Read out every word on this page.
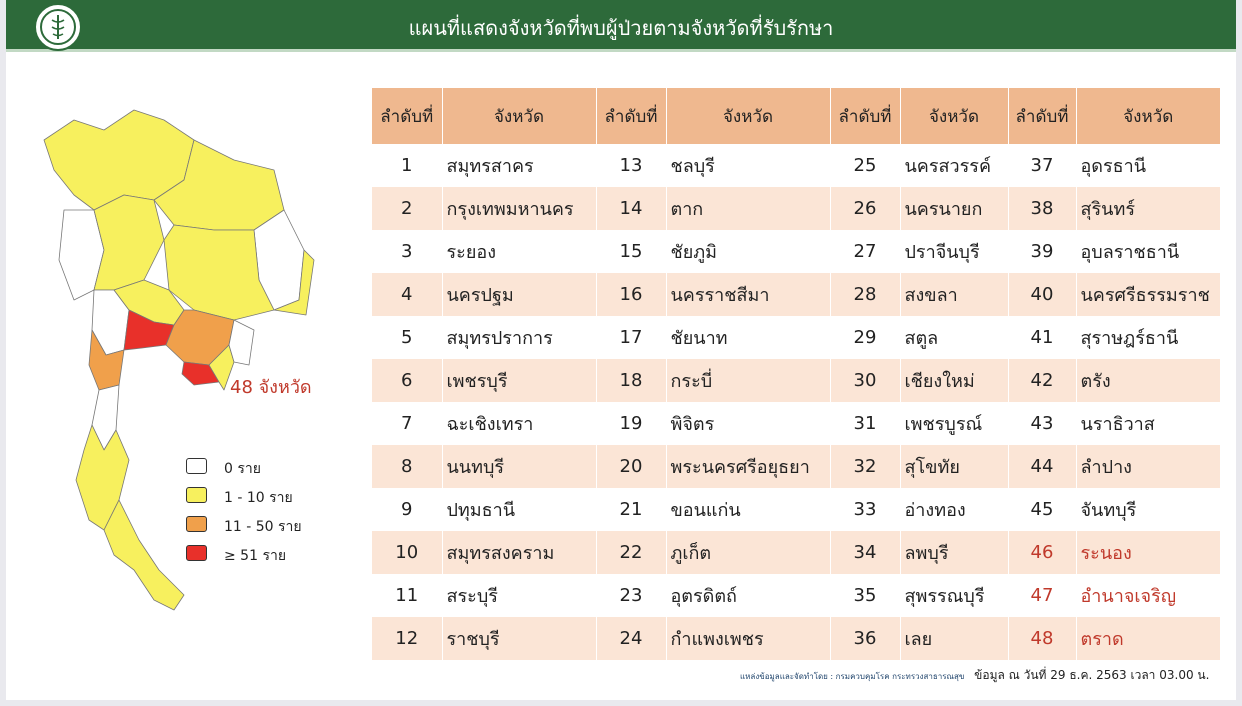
แผนที่แสดงจังหวัดที่พบผู้ป่วยตามจังหวัดที่รับรักษา
48 จังหวัด
0 ราย
1 - 10 ราย
11 - 50 ราย
≥ 51 ราย
ลำดับที่	จังหวัด	ลำดับที่	จังหวัด	ลำดับที่	จังหวัด	ลำดับที่	จังหวัด
1	สมุทรสาคร	13	ชลบุรี	25	นครสวรรค์	37	อุดรธานี
2	กรุงเทพมหานคร	14	ตาก	26	นครนายก	38	สุรินทร์
3	ระยอง	15	ชัยภูมิ	27	ปราจีนบุรี	39	อุบลราชธานี
4	นครปฐม	16	นครราชสีมา	28	สงขลา	40	นครศรีธรรมราช
5	สมุทรปราการ	17	ชัยนาท	29	สตูล	41	สุราษฎร์ธานี
6	เพชรบุรี	18	กระบี่	30	เชียงใหม่	42	ตรัง
7	ฉะเชิงเทรา	19	พิจิตร	31	เพชรบูรณ์	43	นราธิวาส
8	นนทบุรี	20	พระนครศรีอยุธยา	32	สุโขทัย	44	ลำปาง
9	ปทุมธานี	21	ขอนแก่น	33	อ่างทอง	45	จันทบุรี
10	สมุทรสงคราม	22	ภูเก็ต	34	ลพบุรี	46	ระนอง
11	สระบุรี	23	อุตรดิตถ์	35	สุพรรณบุรี	47	อำนาจเจริญ
12	ราชบุรี	24	กำแพงเพชร	36	เลย	48	ตราด
แหล่งข้อมูลและจัดทำโดย : กรมควบคุมโรค กระทรวงสาธารณสุข ข้อมูล ณ วันที่ 29 ธ.ค. 2563 เวลา 03.00 น.
